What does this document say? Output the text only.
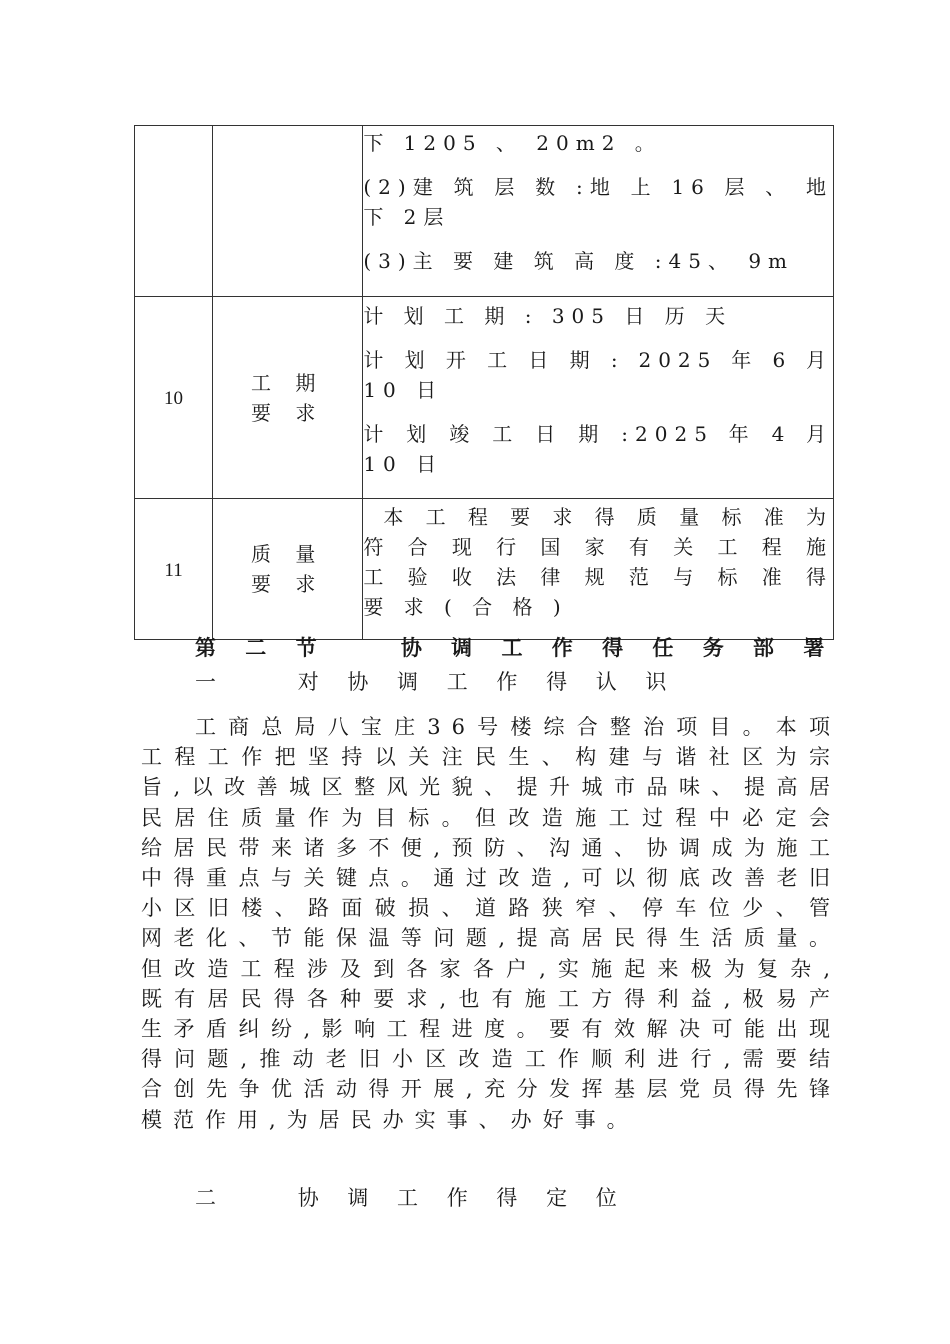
		下 1205 、 20m2 。

(2)建 筑 层 数 :地 上 16 层 、 地 下 2层

(3)主 要 建 筑 高 度 :45、 9m

10	工 期 要 求	计 划 工 期 : 305 日 历 天

计 划 开 工 日 期 : 2025 年 6 月 10 日

计 划 竣 工 日 期 :2025 年 4 月 10 日

11	质 量 要 求	本 工 程 要 求 得 质 量 标 准 为 符 合 现 行 国 家 有 关 工 程 施 工 验 收 法 律 规 范 与 标 准 得 要 求 ( 合 格 )

第 二 节    协 调 工 作 得 任 务 部 署
一    对 协 调 工 作 得 认 识

工商总局八宝庄36号楼综合整治项目。本项工程工作把坚持以关注民生、构建与谐社区为宗旨,以改善城区整风光貌、提升城市品味、提高居民居住质量作为目标。但改造施工过程中必定会给居民带来诸多不便,预防、沟通、协调成为施工中得重点与关键点。通过改造,可以彻底改善老旧小区旧楼、路面破损、道路狭窄、停车位少、管网老化、节能保温等问题,提高居民得生活质量。但改造工程涉及到各家各户,实施起来极为复杂,既有居民得各种要求,也有施工方得利益,极易产生矛盾纠纷,影响工程进度。要有效解决可能出现得问题,推动老旧小区改造工作顺利进行,需要结合创先争优活动得开展,充分发挥基层党员得先锋模范作用,为居民办实事、办好事。

二    协 调 工 作 得 定 位
